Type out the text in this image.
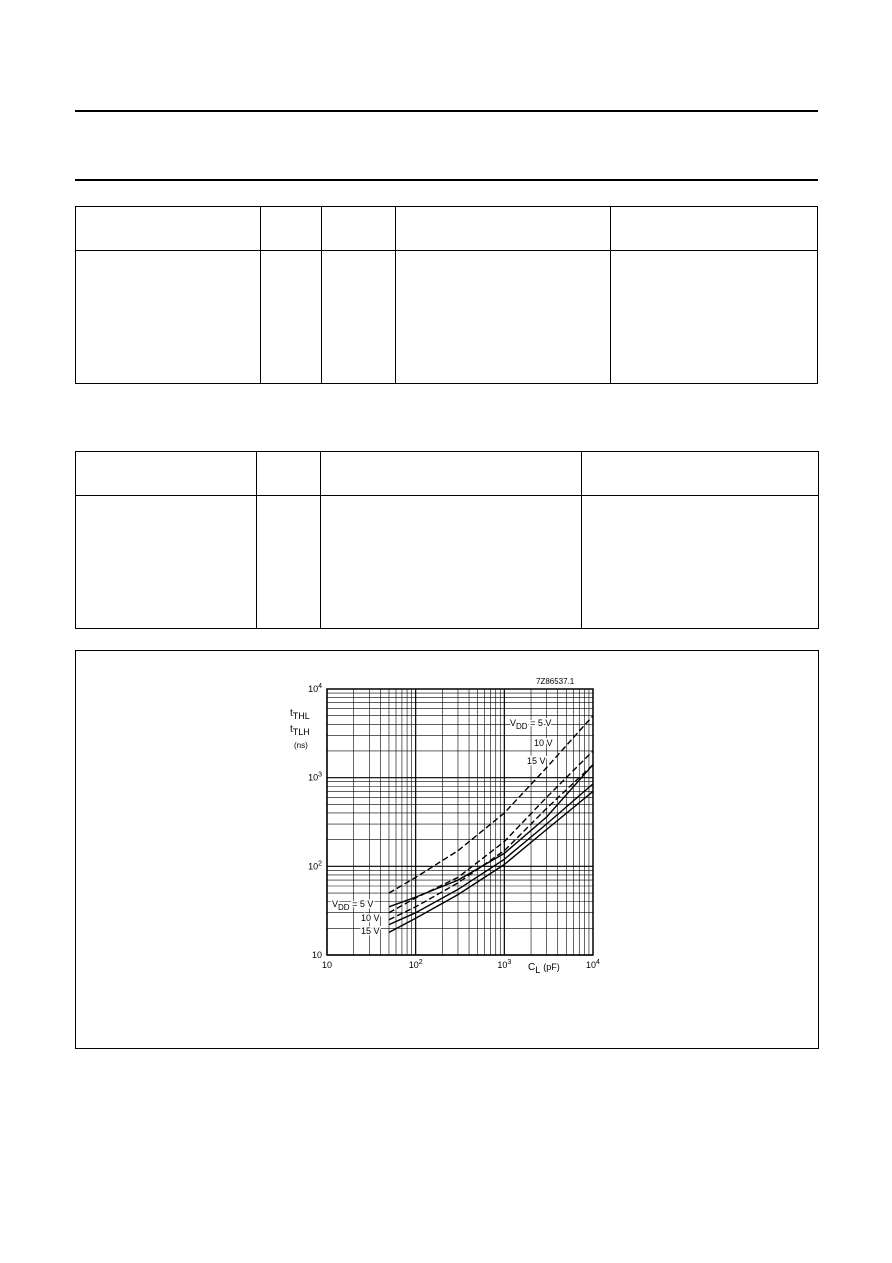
7Z86537.1
tTHL
tTLH
(ns)
CL (pF)
VDD = 5 V
10 V
15 V
VDD = 5 V
10 V
15 V
10	$10^2$	$10^3$	$10^4$
10
$10^2$
$10^3$
$10^4$
